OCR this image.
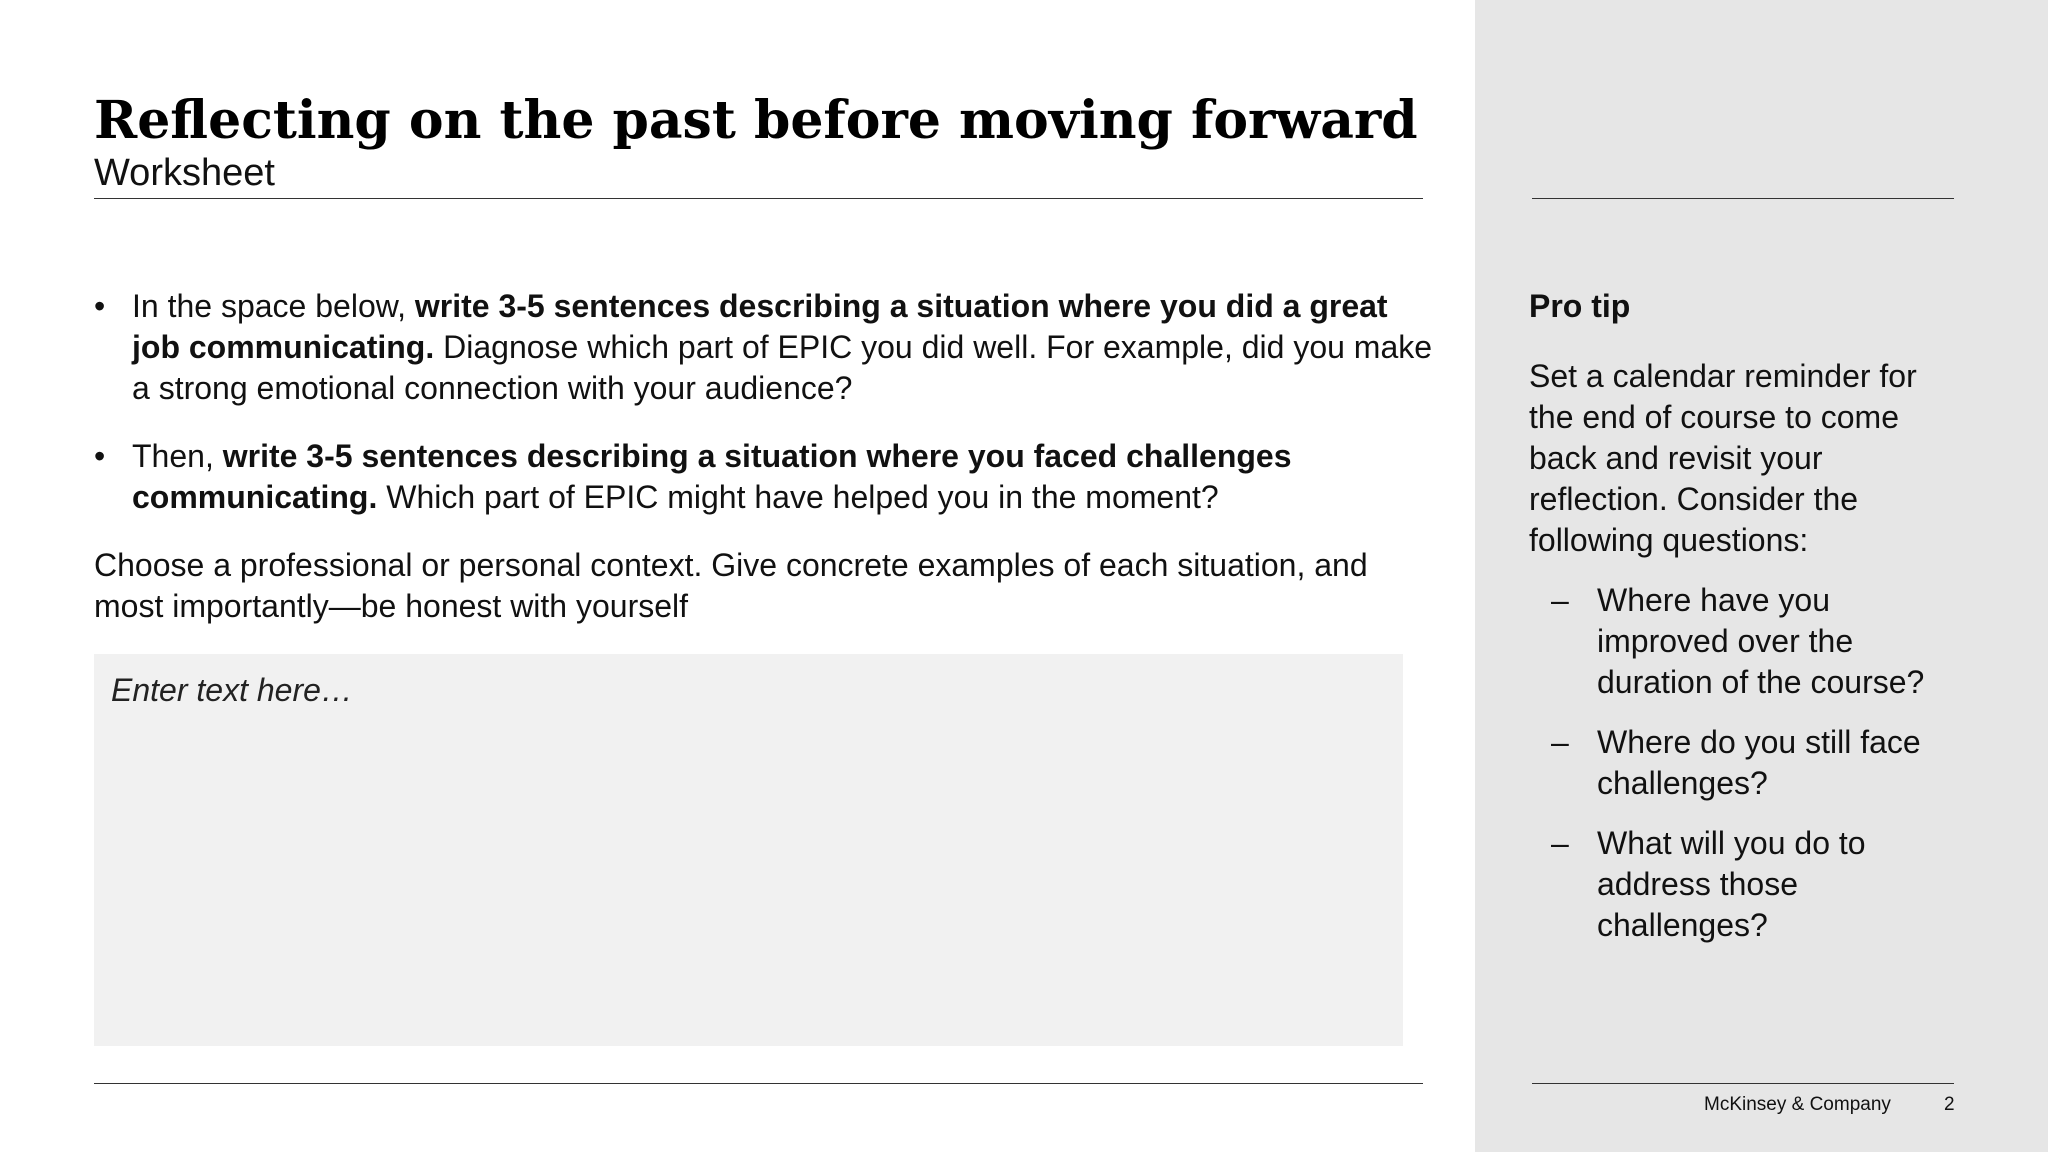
Reflecting on the past before moving forward
Worksheet
• In the space below, write 3-5 sentences describing a situation where you did a great job communicating. Diagnose which part of EPIC you did well. For example, did you make a strong emotional connection with your audience?
• Then, write 3-5 sentences describing a situation where you faced challenges communicating. Which part of EPIC might have helped you in the moment?
Choose a professional or personal context. Give concrete examples of each situation, and most importantly—be honest with yourself
Enter text here…
Pro tip
Set a calendar reminder for the end of course to come back and revisit your reflection. Consider the following questions:
– Where have you improved over the duration of the course?
– Where do you still face challenges?
– What will you do to address those challenges?
McKinsey & Company	2
